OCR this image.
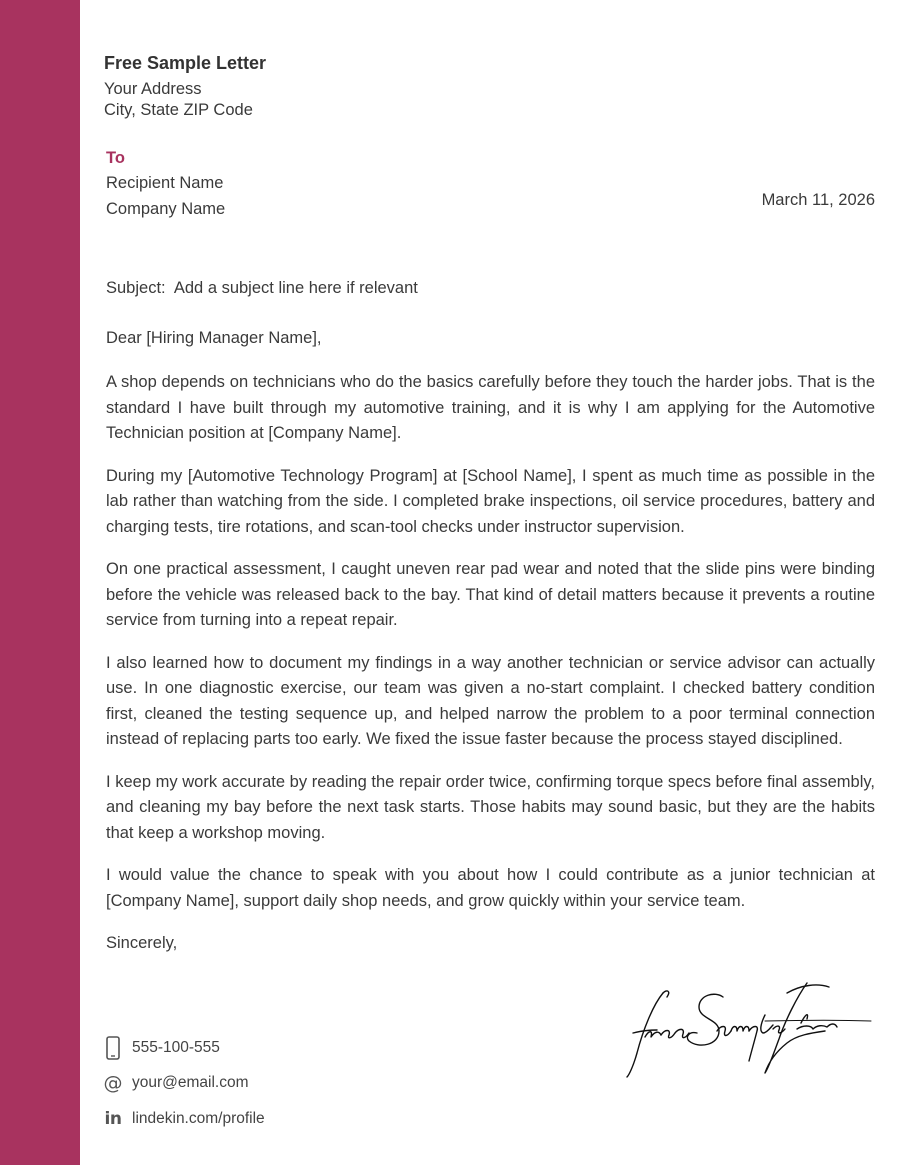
Free Sample Letter
Your Address
City, State ZIP Code
To
Recipient Name
Company Name	March 11, 2026
Subject:  Add a subject line here if relevant
Dear [Hiring Manager Name],

A shop depends on technicians who do the basics carefully before they touch the harder jobs. That is the standard I have built through my automotive training, and it is why I am applying for the Automotive Technician position at [Company Name].

During my [Automotive Technology Program] at [School Name], I spent as much time as possible in the lab rather than watching from the side. I completed brake inspections, oil service procedures, battery and charging tests, tire rotations, and scan-tool checks under instructor supervision.

On one practical assessment, I caught uneven rear pad wear and noted that the slide pins were binding before the vehicle was released back to the bay. That kind of detail matters because it prevents a routine service from turning into a repeat repair.

I also learned how to document my findings in a way another technician or service advisor can actually use. In one diagnostic exercise, our team was given a no-start complaint. I checked battery condition first, cleaned the testing sequence up, and helped narrow the problem to a poor terminal connection instead of replacing parts too early. We fixed the issue faster because the process stayed disciplined.

I keep my work accurate by reading the repair order twice, confirming torque specs before final assembly, and cleaning my bay before the next task starts. Those habits may sound basic, but they are the habits that keep a workshop moving.

I would value the chance to speak with you about how I could contribute as a junior technician at [Company Name], support daily shop needs, and grow quickly within your service team.

Sincerely,
555-100-555
@ your@email.com
in lindekin.com/profile
